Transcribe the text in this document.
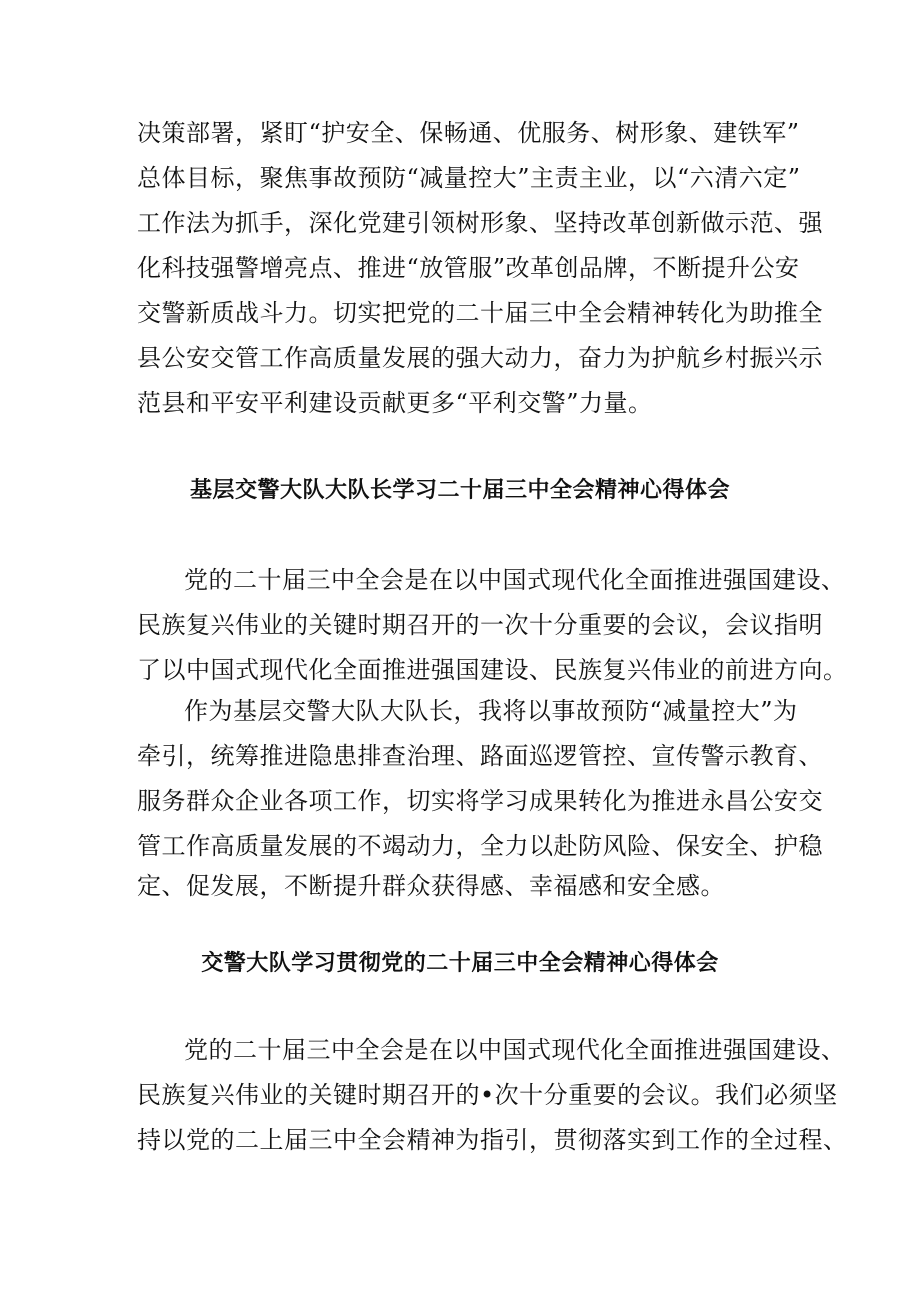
决策部署，紧盯“护安全、保畅通、优服务、树形象、建铁军”
总体目标，聚焦事故预防“减量控大”主责主业，以“六清六定”
工作法为抓手，深化党建引领树形象、坚持改革创新做示范、强
化科技强警增亮点、推进“放管服”改革创品牌，不断提升公安
交警新质战斗力。切实把党的二十届三中全会精神转化为助推全
县公安交管工作高质量发展的强大动力，奋力为护航乡村振兴示
范县和平安平利建设贡献更多“平利交警”力量。
基层交警大队大队长学习二十届三中全会精神心得体会
党的二十届三中全会是在以中国式现代化全面推进强国建设、
民族复兴伟业的关键时期召开的一次十分重要的会议，会议指明
了以中国式现代化全面推进强国建设、民族复兴伟业的前进方向。
作为基层交警大队大队长，我将以事故预防“减量控大”为
牵引，统筹推进隐患排查治理、路面巡逻管控、宣传警示教育、
服务群众企业各项工作，切实将学习成果转化为推进永昌公安交
管工作高质量发展的不竭动力，全力以赴防风险、保安全、护稳
定、促发展，不断提升群众获得感、幸福感和安全感。
交警大队学习贯彻党的二十届三中全会精神心得体会
党的二十届三中全会是在以中国式现代化全面推进强国建设、
民族复兴伟业的关键时期召开的•次十分重要的会议。我们必须坚
持以党的二上届三中全会精神为指引，贯彻落实到工作的全过程、
